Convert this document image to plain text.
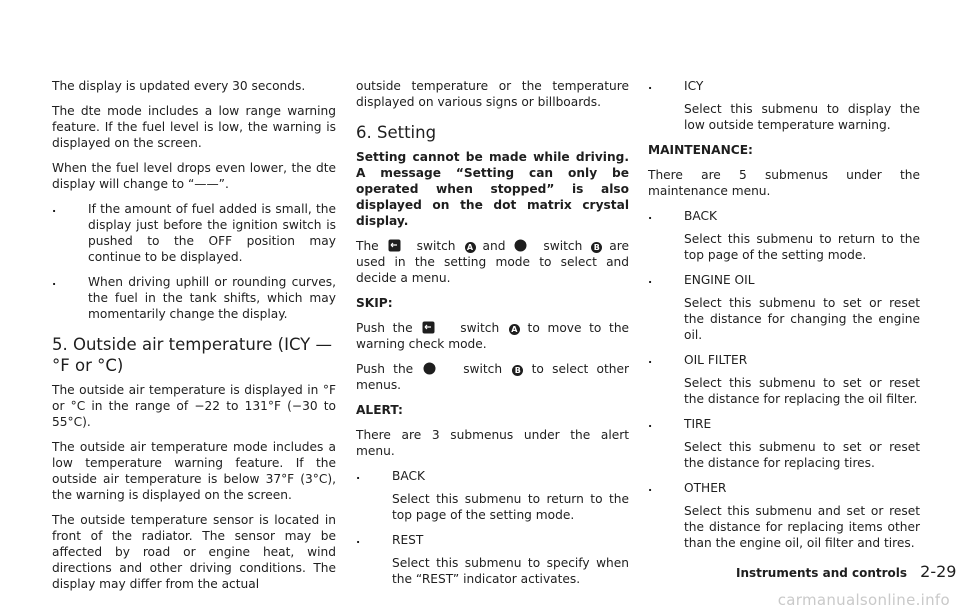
The display is updated every 30 seconds.

The dte mode includes a low range warning feature. If the fuel level is low, the warning is displayed on the screen.

When the fuel level drops even lower, the dte display will change to “——”.

.	If the amount of fuel added is small, the display just before the ignition switch is pushed to the OFF position may continue to be displayed.
.	When driving uphill or rounding curves, the fuel in the tank shifts, which may momentarily change the display.
5. Outside air temperature (ICY — °F or °C)

The outside air temperature is displayed in °F or °C in the range of −22 to 131°F (−30 to 55°C).

The outside air temperature mode includes a low temperature warning feature. If the outside air temperature is below 37°F (3°C), the warning is displayed on the screen.

The outside temperature sensor is located in front of the radiator. The sensor may be affected by road or engine heat, wind directions and other driving conditions. The display may differ from the actual

outside temperature or the temperature displayed on various signs or billboards.

6. Setting

Setting cannot be made while driving. A message “Setting can only be operated when stopped” is also displayed on the dot matrix crystal display.

The	switch A and	switch B are used in the setting mode to select and decide a menu.

SKIP:

Push the	switch A to move to the warning check mode.

Push the	switch B to select other menus.

ALERT:

There are 3 submenus under the alert menu.

.	BACK
Select this submenu to return to the top page of the setting mode.
.	REST
Select this submenu to specify when the “REST” indicator activates.
.	ICY
Select this submenu to display the low outside temperature warning.
MAINTENANCE:

There are 5 submenus under the maintenance menu.

.	BACK
Select this submenu to return to the top page of the setting mode.
.	ENGINE OIL
Select this submenu to set or reset the distance for changing the engine oil.
.	OIL FILTER
Select this submenu to set or reset the distance for replacing the oil filter.
.	TIRE
Select this submenu to set or reset the distance for replacing tires.
.	OTHER
Select this submenu and set or reset the distance for replacing items other than the engine oil, oil filter and tires.
Instruments and controls 2-29
carmanualsonline.info
